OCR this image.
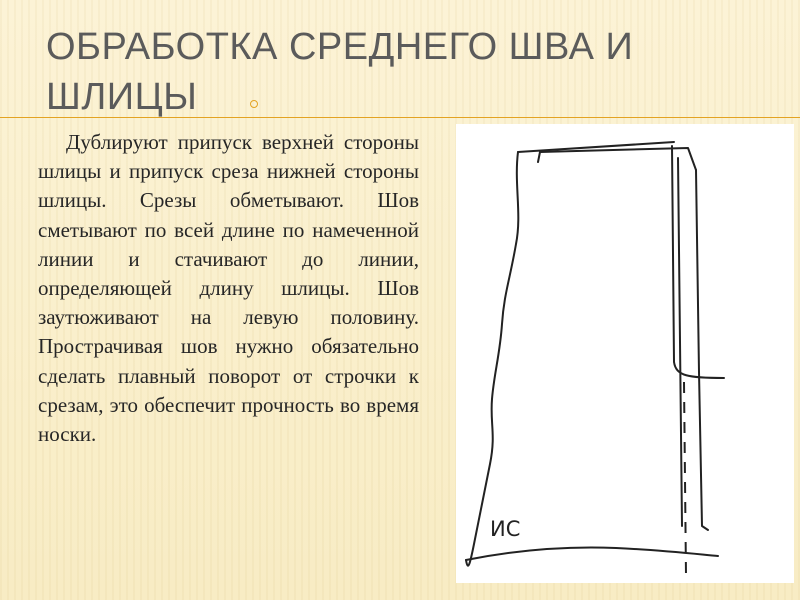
ОБРАБОТКА СРЕДНЕГО ШВА И
ШЛИЦЫ

Дублируют припуск верхней стороны шлицы и припуск среза нижней стороны шлицы. Срезы обметывают. Шов сметывают по всей длине по намеченной линии и стачивают до линии, определяющей длину шлицы. Шов заутюживают на левую половину. Прострачивая шов нужно обязательно сделать плавный поворот от строчки к срезам, это обеспечит прочность во время носки.

ИС
